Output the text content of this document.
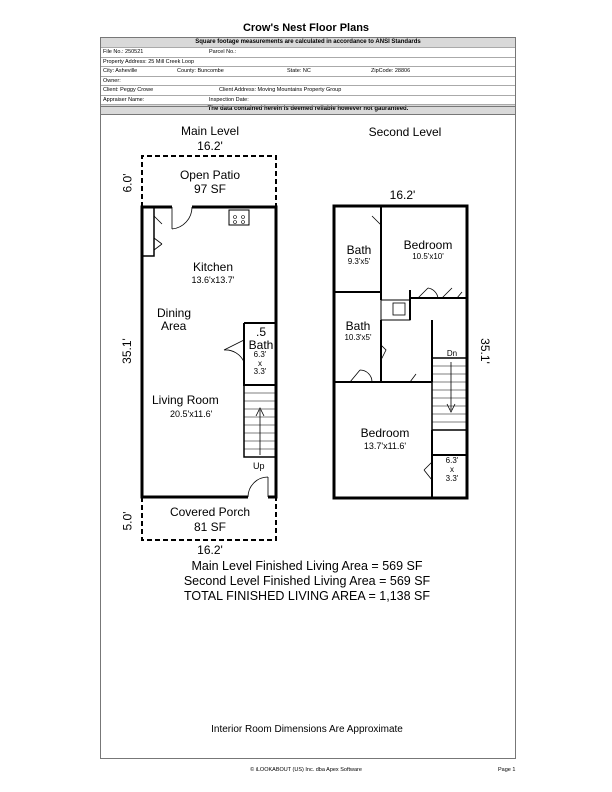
Crow's Nest Floor Plans
Square footage measurements are calculated in accordance to ANSI Standards
File No.: 250521	Parcel No.:
Property Address: 25 Mill Creek Loop
City: Asheville	County: Buncombe	State: NC	ZipCode: 28806
Owner:
Client: Peggy Crowe	Client Address: Moving Mountains Property Group
Appraiser Name:	Inspection Date:
The data contained herein is deemed reliable however not gauranteed.
Main Level
16.2'
6.0'	Open Patio
97 SF
Kitchen
13.6'x13.7'
Dining
Area
35.1'
.5
Bath
6.3'
x
3.3'
Living Room
20.5'x11.6'
Up
Covered Porch
81 SF
5.0'
16.2'
Second Level
16.2'
Bath
9.3'x5'
Bedroom
10.5'x10'
Bath
10.3'x5'
Dn	35.1'
Bedroom
13.7'x11.6'
6.3'
x
3.3'
Main Level Finished Living Area = 569 SF
Second Level Finished Living Area = 569 SF
TOTAL FINISHED LIVING AREA = 1,138 SF
Interior Room Dimensions Are Approximate
© iLOOKABOUT (US) Inc. dba Apex Software	Page 1
